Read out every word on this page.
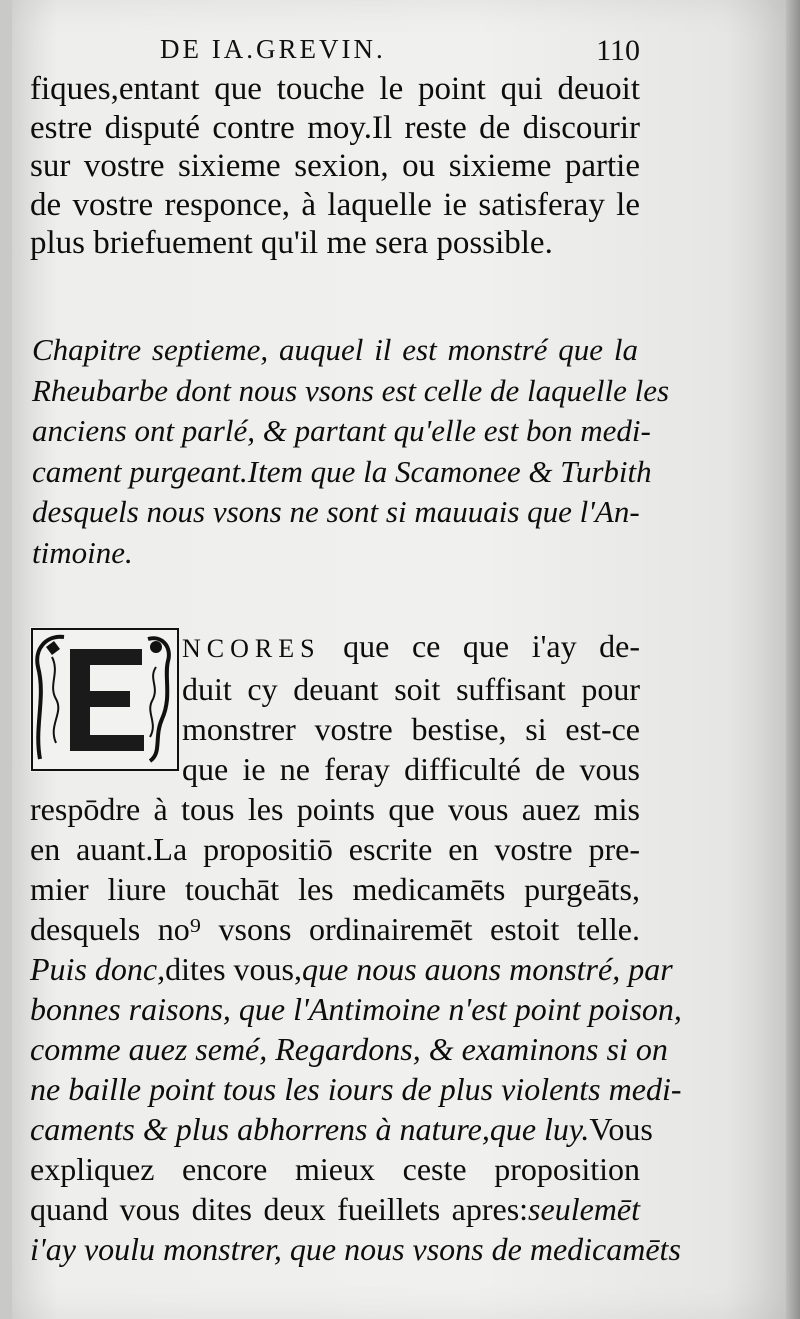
DE IA.GREVIN.	110
fiques,entant que touche le point qui deuoit
estre disputé contre moy.Il reste de discourir
sur vostre sixieme sexion, ou sixieme partie
de vostre responce, à laquelle ie satisferay le
plus briefuement qu'il me sera possible.
Chapitre septieme, auquel il est monstré que la
Rheubarbe dont nous vsons est celle de laquelle les
anciens ont parlé, & partant qu'elle est bon medi-
cament purgeant.Item que la Scamonee & Turbith
desquels nous vsons ne sont si mauuais que l'An-
timoine.
NCORES que ce que i'ay de-
duit cy deuant soit suffisant pour
monstrer vostre bestise, si est-ce
que ie ne feray difficulté de vous
respōdre à tous les points que vous auez mis
en auant.La propositiō escrite en vostre pre-
mier liure touchāt les medicamēts purgeāts,
desquels no⁹ vsons ordinairemēt estoit telle.
Puis donc,dites vous,que nous auons monstré, par
bonnes raisons, que l'Antimoine n'est point poison,
comme auez semé, Regardons, & examinons si on
ne baille point tous les iours de plus violents medi-
caments & plus abhorrens à nature,que luy.Vous
expliquez encore mieux ceste proposition
quand vous dites deux fueillets apres:seulemēt
i'ay voulu monstrer, que nous vsons de medicamēts
